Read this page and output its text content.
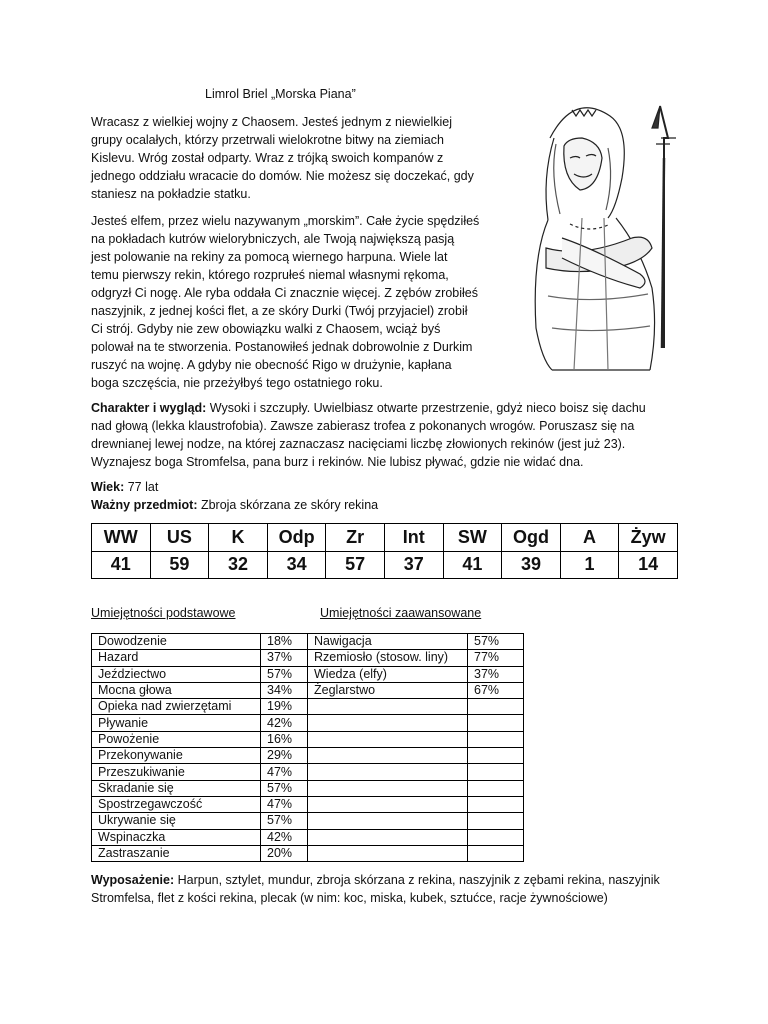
Limrol Briel „Morska Piana”
Wracasz z wielkiej wojny z Chaosem. Jesteś jednym z niewielkiej
grupy ocalałych, którzy przetrwali wielokrotne bitwy na ziemiach
Kislevu. Wróg został odparty. Wraz z trójką swoich kompanów z
jednego oddziału wracacie do domów. Nie możesz się doczekać, gdy
staniesz na pokładzie statku.
Jesteś elfem, przez wielu nazywanym „morskim”. Całe życie spędziłeś
na pokładach kutrów wielorybniczych, ale Twoją największą pasją
jest polowanie na rekiny za pomocą wiernego harpuna. Wiele lat
temu pierwszy rekin, którego rozprułeś niemal własnymi rękoma,
odgryzł Ci nogę. Ale ryba oddała Ci znacznie więcej. Z zębów zrobiłeś
naszyjnik, z jednej kości flet, a ze skóry Durki (Twój przyjaciel) zrobił
Ci strój. Gdyby nie zew obowiązku walki z Chaosem, wciąż byś
polował na te stworzenia. Postanowiłeś jednak dobrowolnie z Durkim
ruszyć na wojnę. A gdyby nie obecność Rigo w drużynie, kapłana
boga szczęścia, nie przeżyłbyś tego ostatniego roku.
Charakter i wygląd: Wysoki i szczupły. Uwielbiasz otwarte przestrzenie, gdyż nieco boisz się dachu
nad głową (lekka klaustrofobia). Zawsze zabierasz trofea z pokonanych wrogów. Poruszasz się na
drewnianej lewej nodze, na której zaznaczasz nacięciami liczbę złowionych rekinów (jest już 23).
Wyznajesz boga Stromfelsa, pana burz i rekinów. Nie lubisz pływać, gdzie nie widać dna.
Wiek: 77 lat
Ważny przedmiot: Zbroja skórzana ze skóry rekina
WW	US	K	Odp	Zr	Int	SW	Ogd	A	Żyw
41	59	32	34	57	37	41	39	1	14
Umiejętności podstawowe	Umiejętności zaawansowane
Dowodzenie	18%	Nawigacja	57%
Hazard	37%	Rzemiosło (stosow. liny)	77%
Jeździectwo	57%	Wiedza (elfy)	37%
Mocna głowa	34%	Żeglarstwo	67%
Opieka nad zwierzętami	19%		
Pływanie	42%		
Powożenie	16%		
Przekonywanie	29%		
Przeszukiwanie	47%		
Skradanie się	57%		
Spostrzegawczość	47%		
Ukrywanie się	57%		
Wspinaczka	42%		
Zastraszanie	20%		
Wyposażenie: Harpun, sztylet, mundur, zbroja skórzana z rekina, naszyjnik z zębami rekina, naszyjnik
Stromfelsa, flet z kości rekina, plecak (w nim: koc, miska, kubek, sztućce, racje żywnościowe)
